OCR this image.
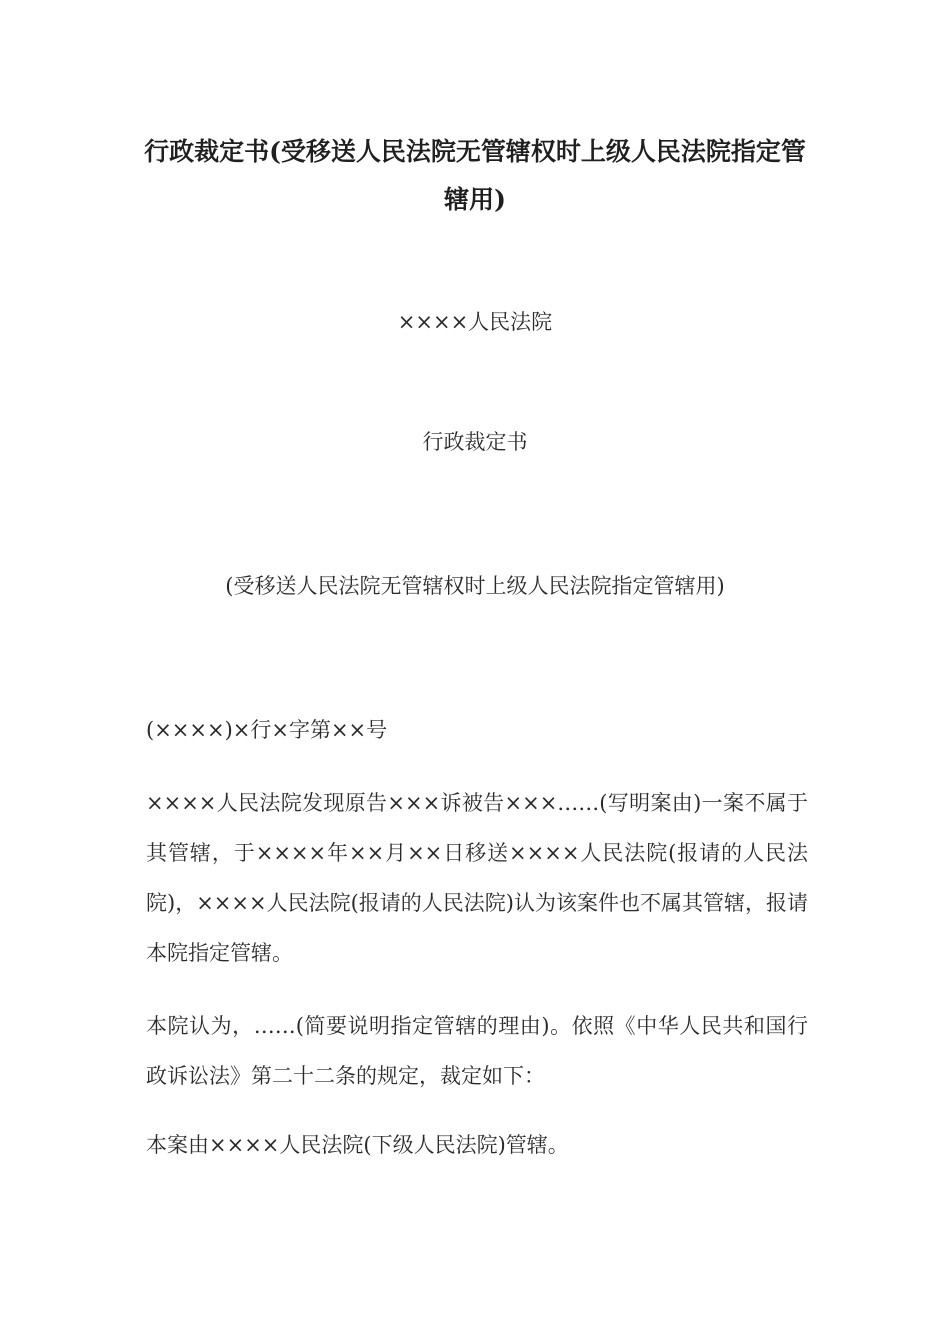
行政裁定书(受移送人民法院无管辖权时上级人民法院指定管辖用)
××××人民法院
行政裁定书
(受移送人民法院无管辖权时上级人民法院指定管辖用)
(××××)×行×字第××号
××××人民法院发现原告×××诉被告×××……(写明案由)一案不属于其管辖，于××××年××月××日移送××××人民法院(报请的人民法院)，××××人民法院(报请的人民法院)认为该案件也不属其管辖，报请本院指定管辖。
本院认为，……(简要说明指定管辖的理由)。依照《中华人民共和国行政诉讼法》第二十二条的规定，裁定如下：
本案由××××人民法院(下级人民法院)管辖。
